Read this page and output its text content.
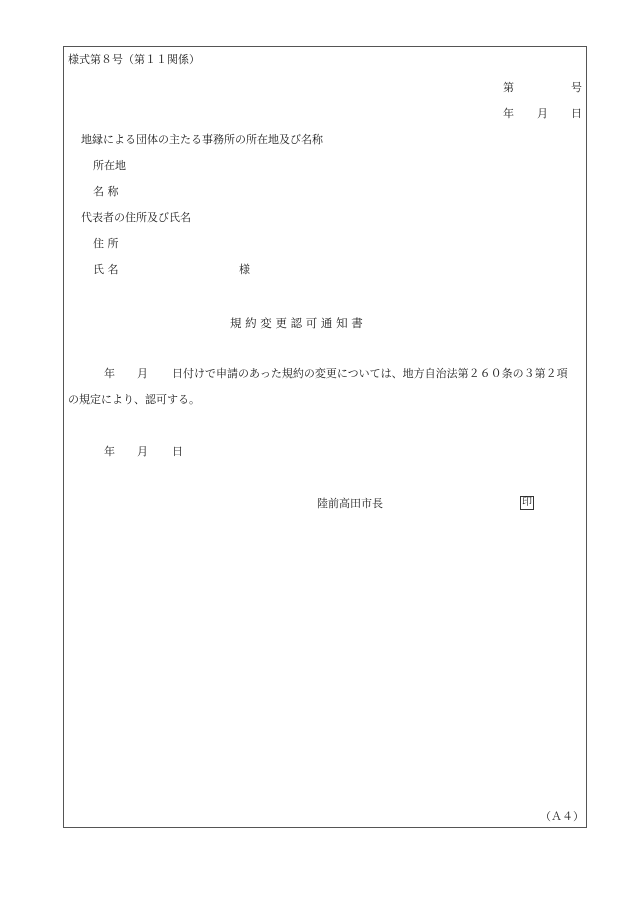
様式第８号（第１１関係）
第	号
年 月 日
地縁による団体の主たる事務所の所在地及び名称
所在地
名 称
代表者の住所及び氏名
住 所
氏 名	様
規 約 変 更 認 可 通 知 書
年 月 日付けで申請のあった規約の変更については、地方自治法第２６０条の３第２項
の規定により、認可する。
年 月 日
陸前高田市長	印
（Ａ４）
